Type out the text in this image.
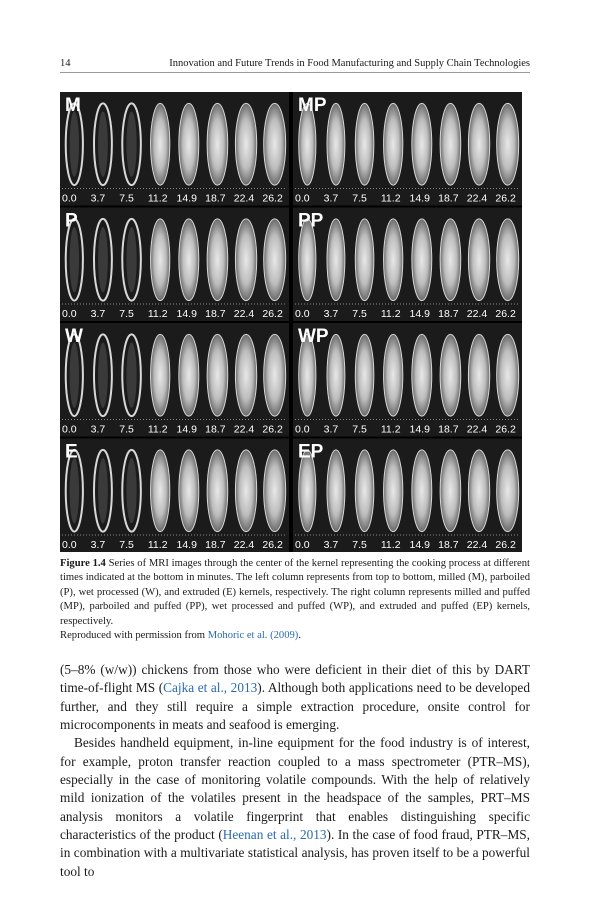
14	Innovation and Future Trends in Food Manufacturing and Supply Chain Technologies
M
0.0 3.7 7.5 11.2 14.9 18.7 22.4 26.2
MP
0.0 3.7 7.5 11.2 14.9 18.7 22.4 26.2
P
0.0 3.7 7.5 11.2 14.9 18.7 22.4 26.2
PP
0.0 3.7 7.5 11.2 14.9 18.7 22.4 26.2
W
0.0 3.7 7.5 11.2 14.9 18.7 22.4 26.2
WP
0.0 3.7 7.5 11.2 14.9 18.7 22.4 26.2
E
0.0 3.7 7.5 11.2 14.9 18.7 22.4 26.2
EP
0.0 3.7 7.5 11.2 14.9 18.7 22.4 26.2
Figure 1.4 Series of MRI images through the center of the kernel representing the cooking process at different times indicated at the bottom in minutes. The left column represents from top to bottom, milled (M), parboiled (P), wet processed (W), and extruded (E) kernels, respectively. The right column represents milled and puffed (MP), parboiled and puffed (PP), wet processed and puffed (WP), and extruded and puffed (EP) kernels, respectively.
Reproduced with permission from Mohoric et al. (2009).

(5–8% (w/w)) chickens from those who were deficient in their diet of this by DART time-of-flight MS (Cajka et al., 2013). Although both applications need to be developed further, and they still require a simple extraction procedure, onsite control for microcomponents in meats and seafood is emerging.

Besides handheld equipment, in-line equipment for the food industry is of interest, for example, proton transfer reaction coupled to a mass spectrometer (PTR–MS), especially in the case of monitoring volatile compounds. With the help of relatively mild ionization of the volatiles present in the headspace of the samples, PRT–MS analysis monitors a volatile fingerprint that enables distinguishing specific characteristics of the product (Heenan et al., 2013). In the case of food fraud, PTR–MS, in combination with a multivariate statistical analysis, has proven itself to be a powerful tool to
